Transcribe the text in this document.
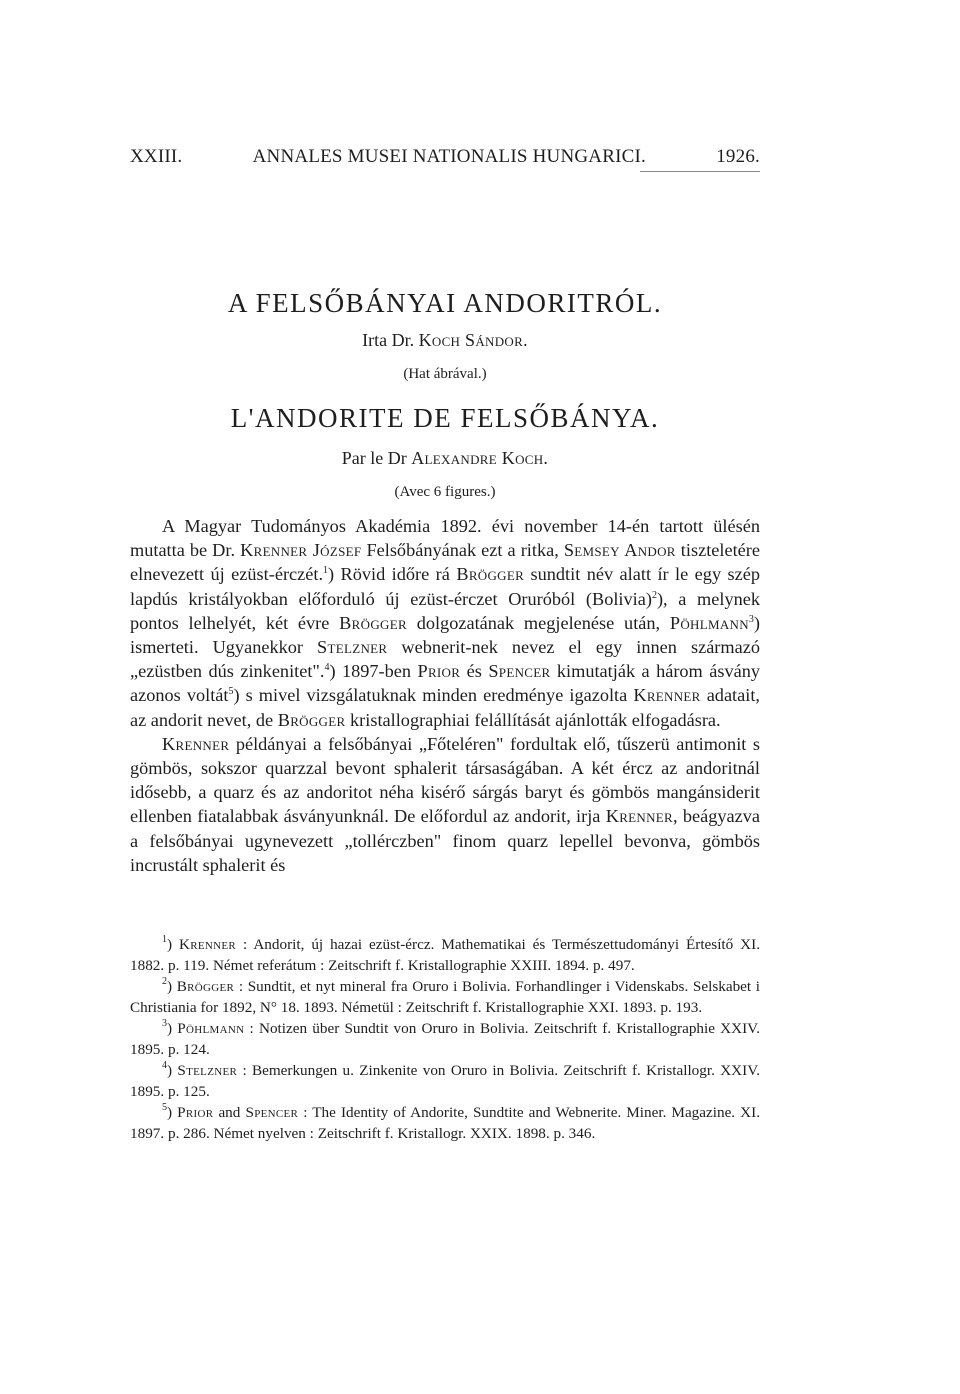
XXIII.	ANNALES MUSEI NATIONALIS HUNGARICI.	1926.
A FELSŐBÁNYAI ANDORITRÓL.
Irta Dr. Koch Sándor.
(Hat ábrával.)
L'ANDORITE DE FELSŐBÁNYA.
Par le Dr Alexandre Koch.
(Avec 6 figures.)

A Magyar Tudományos Akadémia 1892. évi november 14-én tartott ülésén mutatta be Dr. Krenner József Felsőbányának ezt a ritka, Semsey Andor tiszteletére elnevezett új ezüst-érczét.$^1$) Rövid időre rá Brögger sundtit név alatt ír le egy szép lapdús kristályokban előforduló új ezüst-érczet Oruróból (Bolivia)$^2$), a melynek pontos lelhelyét, két évre Brögger dolgozatának megjelenése után, Pöhlmann$^3$) ismerteti. Ugyanekkor Stelzner webnerit-nek nevez el egy innen származó „ezüstben dús zinkenitet".$^4$) 1897-ben Prior és Spencer kimutatják a három ásvány azonos voltát$^5$) s mivel vizsgálatuknak minden eredménye igazolta Krenner adatait, az andorit nevet, de Brögger kristallographiai felállítását ajánlották elfogadásra.

Krenner példányai a felsőbányai „Főteléren" fordultak elő, tűszerü antimonit s gömbös, sokszor quarzzal bevont sphalerit társaságában. A két ércz az andoritnál idősebb, a quarz és az andoritot néha kisérő sárgás baryt és gömbös mangánsiderit ellenben fiatalabbak ásványunknál. De előfordul az andorit, irja Krenner, beágyazva a felsőbányai ugynevezett „tollérczben" finom quarz lepellel bevonva, gömbös incrustált sphalerit és

$^1$) Krenner : Andorit, új hazai ezüst-ércz. Mathematikai és Természettudományi Értesítő XI. 1882. p. 119. Német referátum : Zeitschrift f. Kristallographie XXIII. 1894. p. 497.

$^2$) Brögger : Sundtit, et nyt mineral fra Oruro i Bolivia. Forhandlinger i Videnskabs. Selskabet i Christiania for 1892, N° 18. 1893. Németül : Zeitschrift f. Kristallographie XXI. 1893. p. 193.

$^3$) Pöhlmann : Notizen über Sundtit von Oruro in Bolivia. Zeitschrift f. Kristallographie XXIV. 1895. p. 124.

$^4$) Stelzner : Bemerkungen u. Zinkenite von Oruro in Bolivia. Zeitschrift f. Kristallogr. XXIV. 1895. p. 125.

$^5$) Prior and Spencer : The Identity of Andorite, Sundtite and Webnerite. Miner. Magazine. XI. 1897. p. 286. Német nyelven : Zeitschrift f. Kristallogr. XXIX. 1898. p. 346.
